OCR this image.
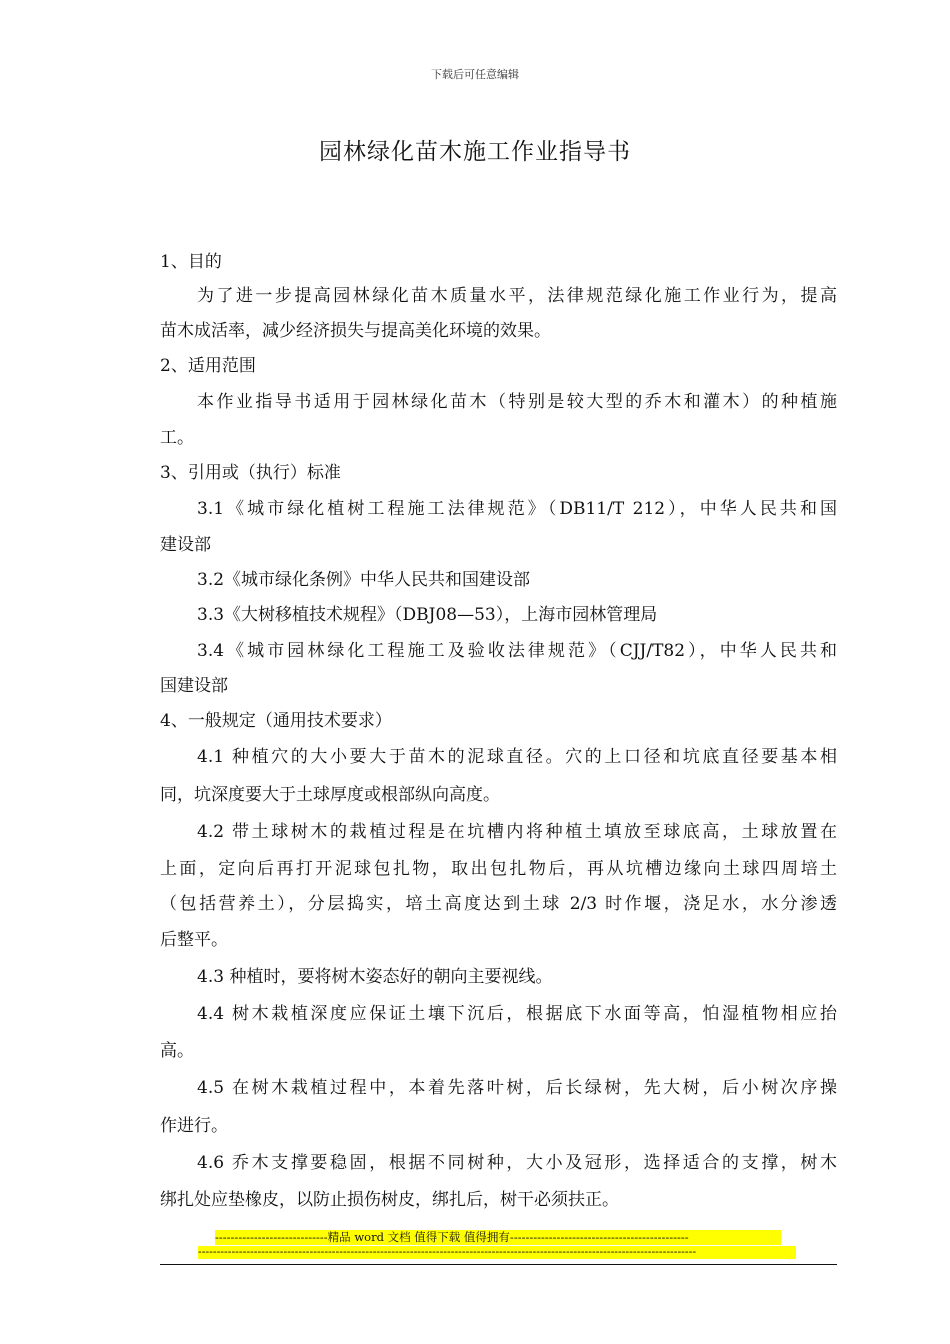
下载后可任意编辑
园林绿化苗木施工作业指导书
1、目的
为了进一步提高园林绿化苗木质量水平，法律规范绿化施工作业行为，提高
苗木成活率，减少经济损失与提高美化环境的效果。
2、适用范围
本作业指导书适用于园林绿化苗木（特别是较大型的乔木和灌木）的种植施
工。
3、引用或（执行）标准
3.1《城市绿化植树工程施工法律规范》（DB11/T 212），中华人民共和国
建设部
3.2《城市绿化条例》中华人民共和国建设部
3.3《大树移植技术规程》（DBJ08—53），上海市园林管理局
3.4《城市园林绿化工程施工及验收法律规范》（CJJ/T82），中华人民共和
国建设部
4、一般规定（通用技术要求）
4.1 种植穴的大小要大于苗木的泥球直径。穴的上口径和坑底直径要基本相
同，坑深度要大于土球厚度或根部纵向高度。
4.2 带土球树木的栽植过程是在坑槽内将种植土填放至球底高，土球放置在
上面，定向后再打开泥球包扎物，取出包扎物后，再从坑槽边缘向土球四周培土
（包括营养土），分层捣实，培土高度达到土球 2/3 时作堰，浇足水，水分渗透
后整平。
4.3 种植时，要将树木姿态好的朝向主要视线。
4.4 树木栽植深度应保证土壤下沉后，根据底下水面等高，怕湿植物相应抬
高。
4.5 在树木栽植过程中，本着先落叶树，后长绿树，先大树，后小树次序操
作进行。
4.6 乔木支撑要稳固，根据不同树种，大小及冠形，选择适合的支撑，树木
绑扎处应垫橡皮，以防止损伤树皮，绑扎后，树干必须扶正。
-----------------------------精品 word 文档 值得下载 值得拥有----------------------------------------------
--------------------------------------------------------------------------------------------------------------------------------------
